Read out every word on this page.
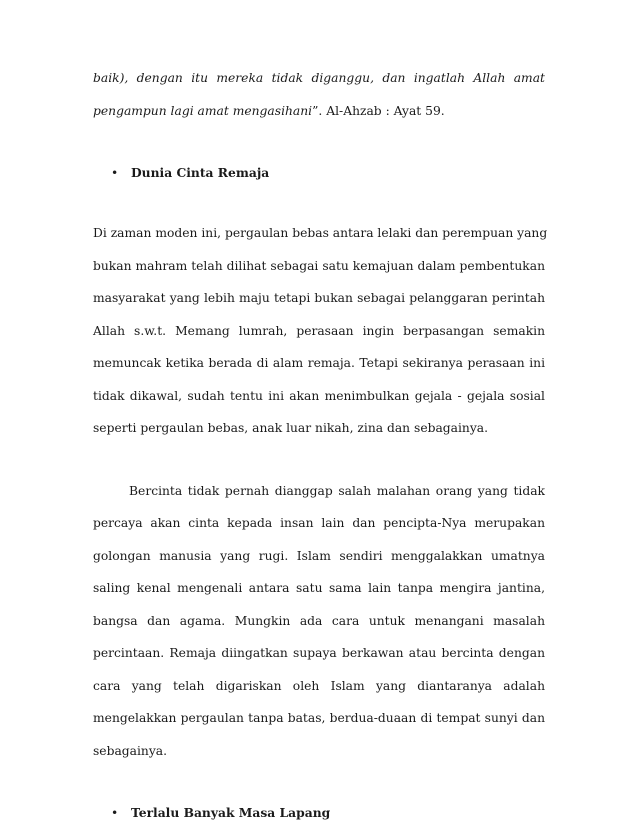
baik), dengan itu mereka tidak diganggu, dan ingatlah Allah amat
pengampun lagi amat mengasihani”. Al-Ahzab : Ayat 59.
• Dunia Cinta Remaja
Di zaman moden ini, pergaulan bebas antara lelaki dan perempuan yang
bukan mahram telah dilihat sebagai satu kemajuan dalam pembentukan
masyarakat yang lebih maju tetapi bukan sebagai pelanggaran perintah
Allah s.w.t. Memang lumrah, perasaan ingin berpasangan semakin
memuncak ketika berada di alam remaja. Tetapi sekiranya perasaan ini
tidak dikawal, sudah tentu ini akan menimbulkan gejala - gejala sosial
seperti pergaulan bebas, anak luar nikah, zina dan sebagainya.
Bercinta tidak pernah dianggap salah malahan orang yang tidak
percaya akan cinta kepada insan lain dan pencipta-Nya merupakan
golongan manusia yang rugi. Islam sendiri menggalakkan umatnya
saling kenal mengenali antara satu sama lain tanpa mengira jantina,
bangsa dan agama. Mungkin ada cara untuk menangani masalah
percintaan. Remaja diingatkan supaya berkawan atau bercinta dengan
cara yang telah digariskan oleh Islam yang diantaranya adalah
mengelakkan pergaulan tanpa batas, berdua-duaan di tempat sunyi dan
sebagainya.
• Terlalu Banyak Masa Lapang
